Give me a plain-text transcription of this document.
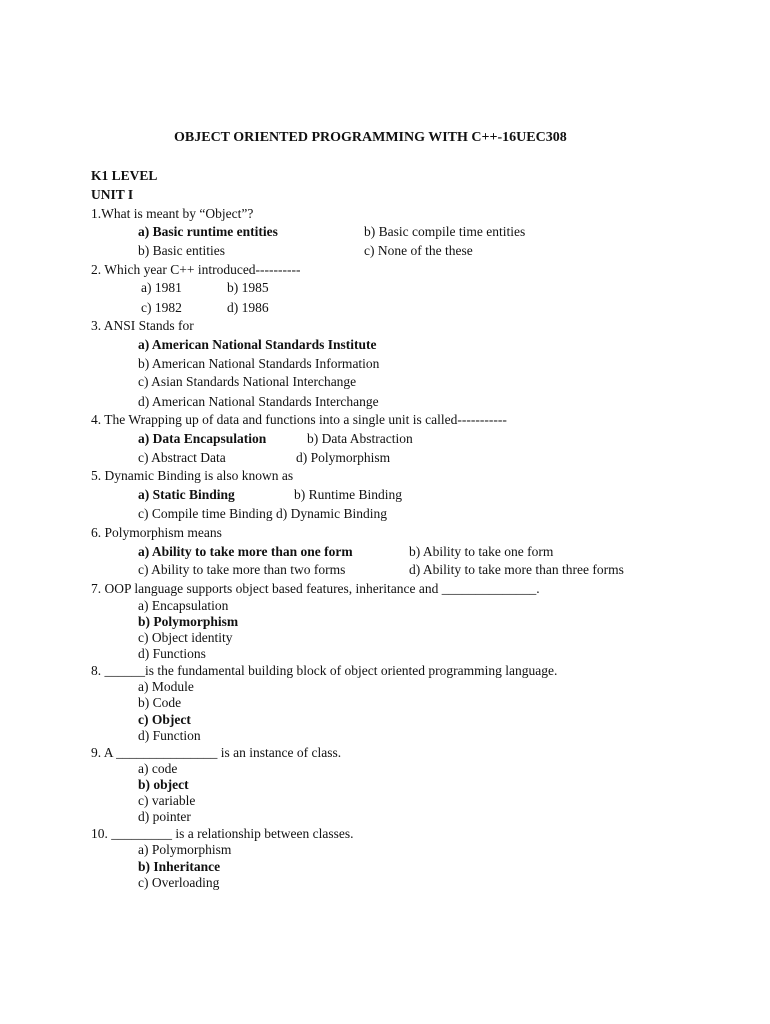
OBJECT ORIENTED PROGRAMMING WITH C++-16UEC308
K1 LEVEL
UNIT I
1.What is meant by “Object”?
a) Basic runtime entities	b) Basic compile time entities
b) Basic entities	c) None of the these
2. Which year C++ introduced----------
a) 1981	b) 1985
c) 1982	d) 1986
3. ANSI Stands for
a) American National Standards Institute
b) American National Standards Information
c) Asian Standards National Interchange
d) American National Standards Interchange
4. The Wrapping up of data and functions into a single unit is called-----------
a) Data Encapsulation	b) Data Abstraction
c) Abstract Data	d) Polymorphism
5. Dynamic Binding is also known as
a) Static Binding	b) Runtime Binding
c) Compile time Binding d) Dynamic Binding
6. Polymorphism means
a) Ability to take more than one form	b) Ability to take one form
c) Ability to take more than two forms	d) Ability to take more than three forms
7. OOP language supports object based features, inheritance and ______________.
a) Encapsulation
b) Polymorphism
c) Object identity
d) Functions
8. ______is the fundamental building block of object oriented programming language.
a) Module
b) Code
c) Object
d) Function
9. A _______________ is an instance of class.
a) code
b) object
c) variable
d) pointer
10. _________ is a relationship between classes.
a) Polymorphism
b) Inheritance
c) Overloading
